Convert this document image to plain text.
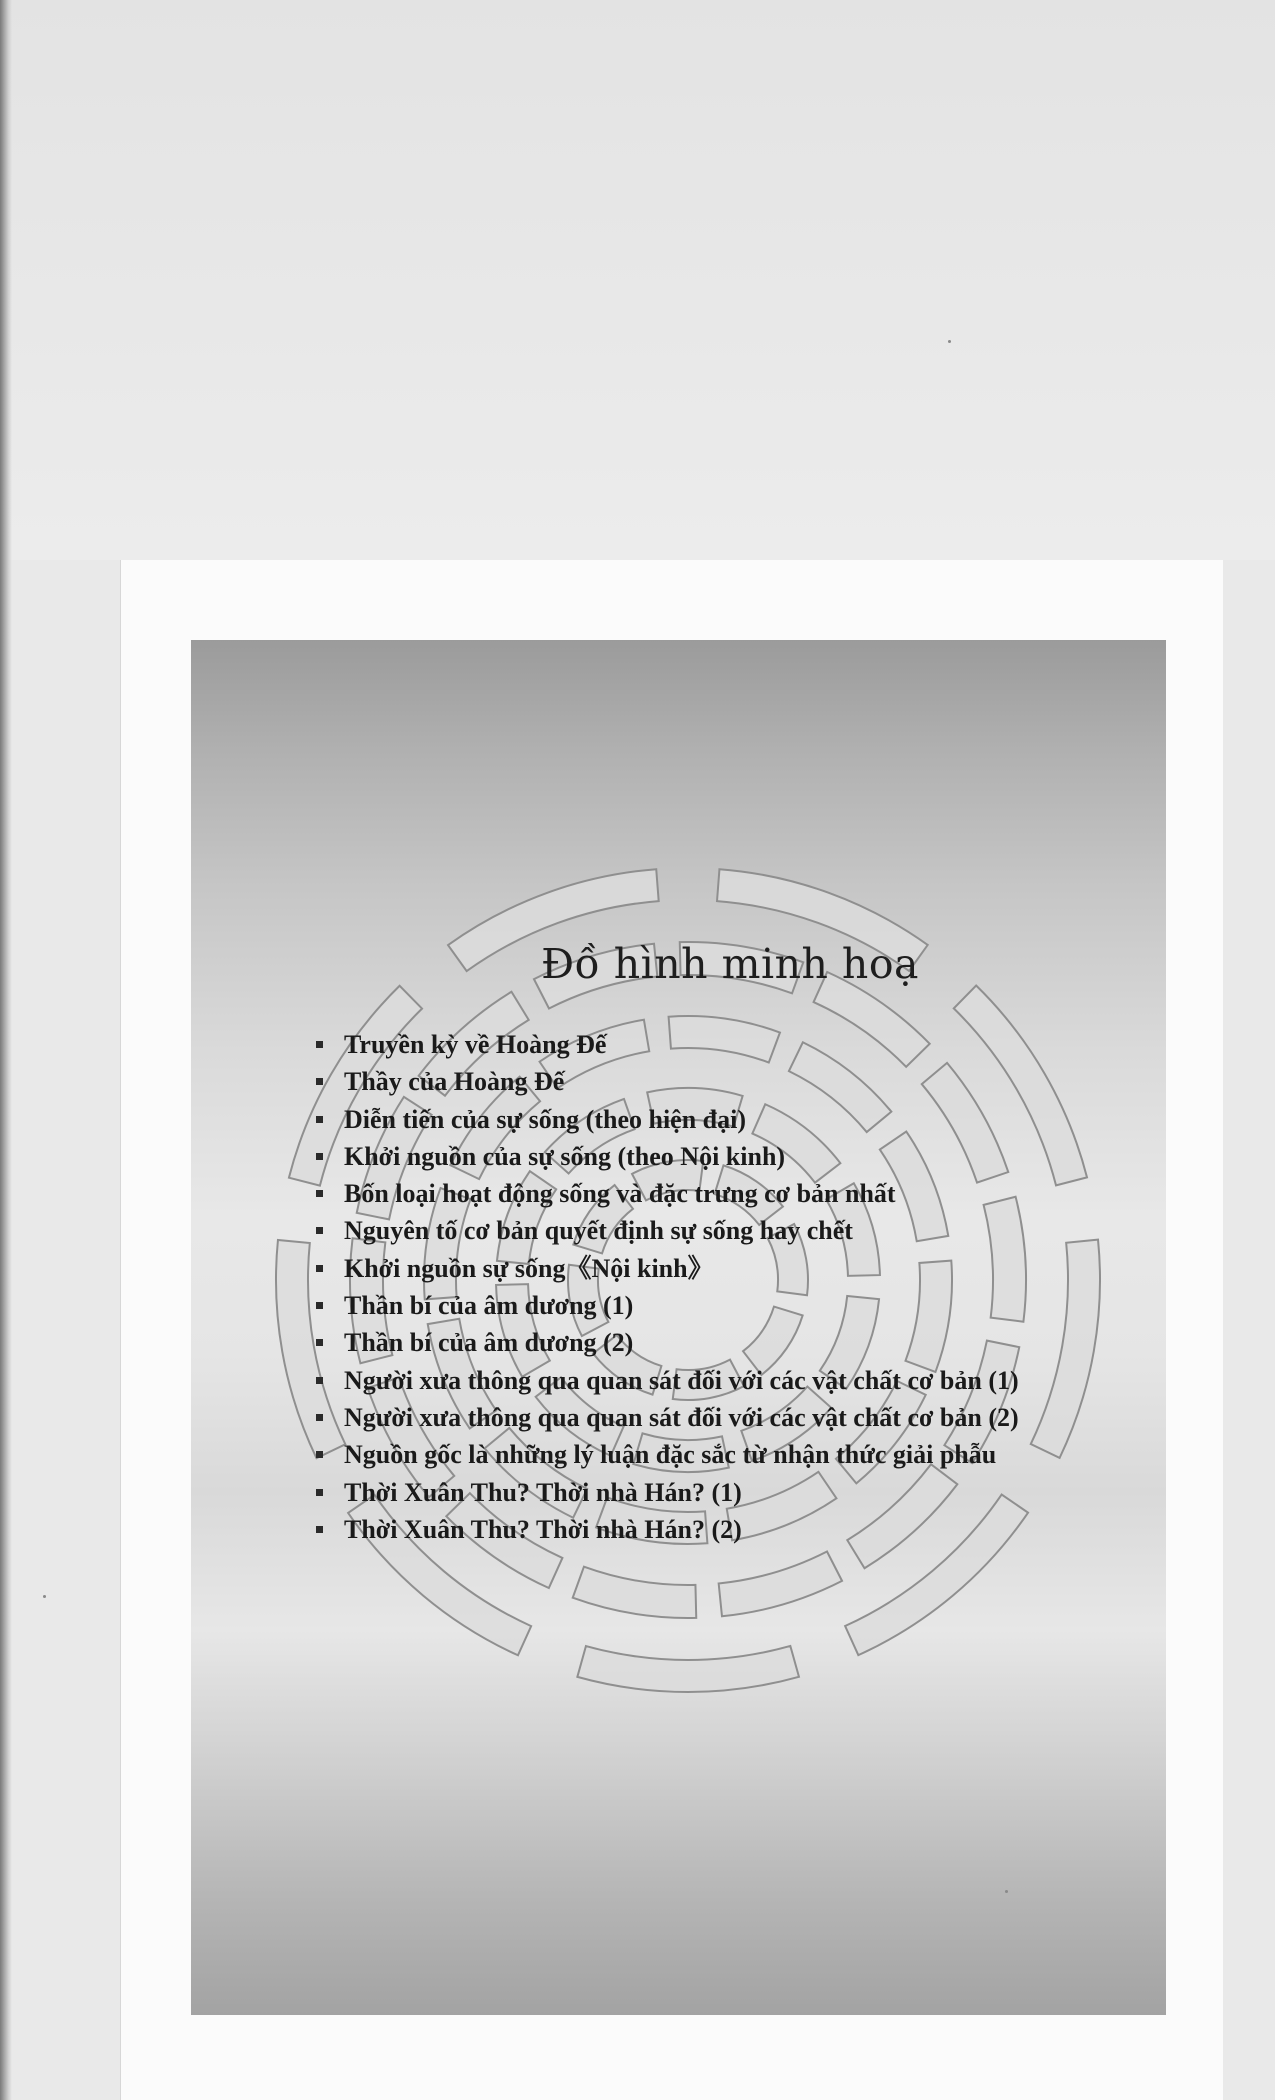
Đồ hình minh hoạ
Truyền kỳ về Hoàng Đế
Thầy của Hoàng Đế
Diễn tiến của sự sống (theo hiện đại)
Khởi nguồn của sự sống (theo Nội kinh)
Bốn loại hoạt động sống và đặc trưng cơ bản nhất
Nguyên tố cơ bản quyết định sự sống hay chết
Khởi nguồn sự sống《Nội kinh》
Thần bí của âm dương (1)
Thần bí của âm dương (2)
Người xưa thông qua quan sát đối với các vật chất cơ bản (1)
Người xưa thông qua quan sát đối với các vật chất cơ bản (2)
Nguồn gốc là những lý luận đặc sắc từ nhận thức giải phẫu
Thời Xuân Thu? Thời nhà Hán? (1)
Thời Xuân Thu? Thời nhà Hán? (2)
